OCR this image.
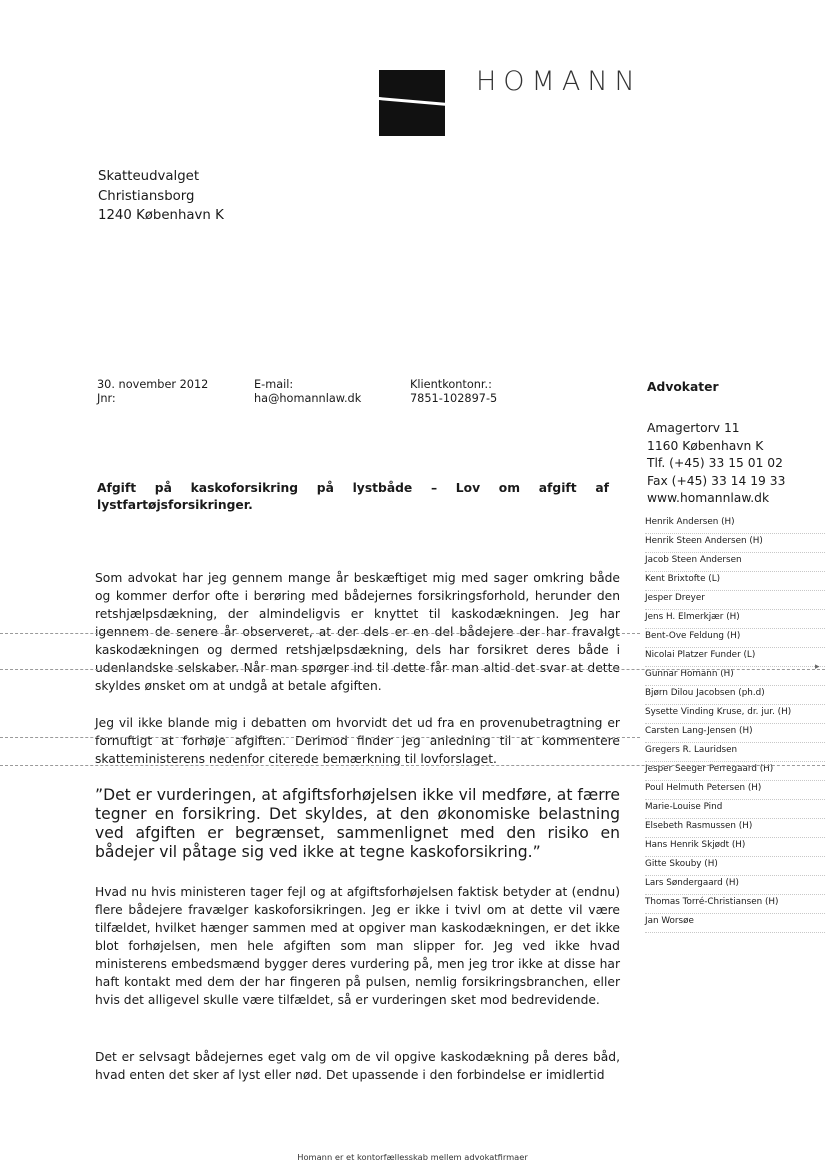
HOMANN
Skatteudvalget
Christiansborg
1240 København K
30. november 2012
Jnr:
E-mail:
ha@homannlaw.dk
Klientkontonr.:
7851-102897-5
Advokater
Amagertorv 11
1160 København K
Tlf. (+45) 33 15 01 02
Fax (+45) 33 14 19 33
www.homannlaw.dk
Henrik Andersen (H)
Henrik Steen Andersen (H)
Jacob Steen Andersen
Kent Brixtofte (L)
Jesper Dreyer
Jens H. Elmerkjær (H)
Bent-Ove Feldung (H)
Nicolai Platzer Funder (L)
Gunnar Homann (H)
Bjørn Dilou Jacobsen (ph.d)
Sysette Vinding Kruse, dr. jur. (H)
Carsten Lang-Jensen (H)
Gregers R. Lauridsen
Jesper Seeger Perregaard (H)
Poul Helmuth Petersen (H)
Marie-Louise Pind
Elsebeth Rasmussen (H)
Hans Henrik Skjødt (H)
Gitte Skouby (H)
Lars Søndergaard (H)
Thomas Torré-Christiansen (H)
Jan Worsøe
Afgift på kaskoforsikring på lystbåde – Lov om afgift af lystfartøjsforsikringer.
Som advokat har jeg gennem mange år beskæftiget mig med sager omkring både og kommer derfor ofte i berøring med bådejernes forsikringsforhold, herunder den retshjælpsdækning, der almindeligvis er knyttet til kaskodækningen. Jeg har igennem de senere år observeret, at der dels er en del bådejere der har fravalgt kaskodækningen og dermed retshjælpsdækning, dels har forsikret deres både i udenlandske selskaber. Når man spørger ind til dette får man altid det svar at dette skyldes ønsket om at undgå at betale afgiften.
Jeg vil ikke blande mig i debatten om hvorvidt det ud fra en provenubetragtning er fornuftigt at forhøje afgiften. Derimod finder jeg anledning til at kommentere skatteministerens nedenfor citerede bemærkning til lovforslaget.
”Det er vurderingen, at afgiftsforhøjelsen ikke vil medføre, at færre tegner en forsikring. Det skyldes, at den økonomiske belastning ved afgiften er begrænset, sammenlignet med den risiko en bådejer vil påtage sig ved ikke at tegne kaskoforsikring.”
Hvad nu hvis ministeren tager fejl og at afgiftsforhøjelsen faktisk betyder at (endnu) flere bådejere fravælger kaskoforsikringen. Jeg er ikke i tvivl om at dette vil være tilfældet, hvilket hænger sammen med at opgiver man kaskodækningen, er det ikke blot forhøjelsen, men hele afgiften som man slipper for. Jeg ved ikke hvad ministerens embedsmænd bygger deres vurdering på, men jeg tror ikke at disse har haft kontakt med dem der har fingeren på pulsen, nemlig forsikringsbranchen, eller hvis det alligevel skulle være tilfældet, så er vurderingen sket mod bedrevidende.
Det er selvsagt bådejernes eget valg om de vil opgive kaskodækning på deres båd, hvad enten det sker af lyst eller nød. Det upassende i den forbindelse er imidlertid
▸
Homann er et kontorfællesskab mellem advokatfirmaer
